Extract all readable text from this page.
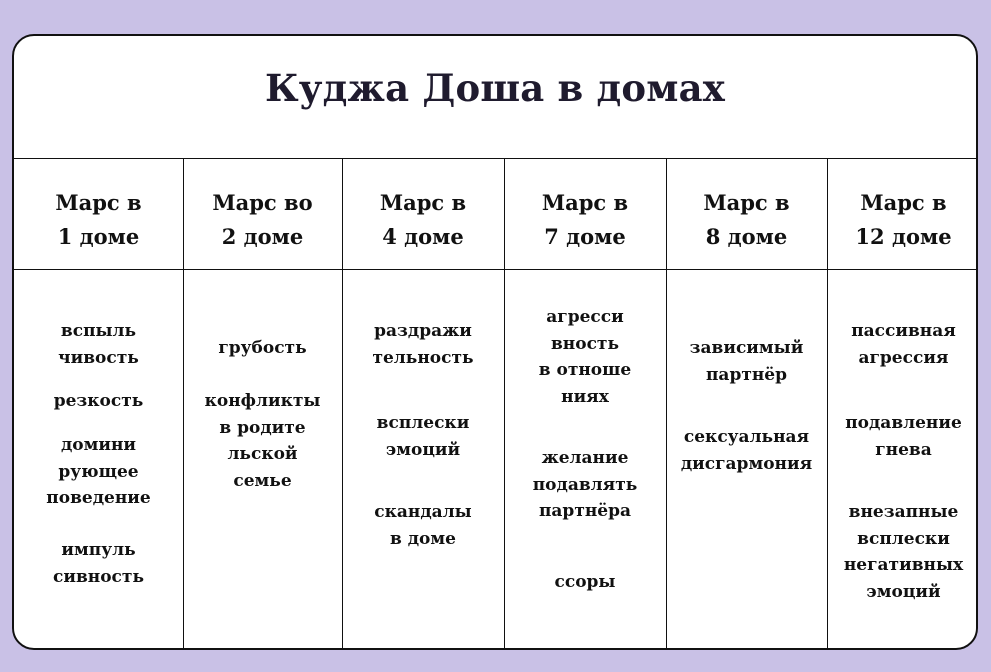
Куджа Доша в домах
Марс в
1 доме
Марс во
2 доме
Марс в
4 доме
Марс в
7 доме
Марс в
8 доме
Марс в
12 доме
вспыль
чивость
резкость
домини
рующее
поведение
импуль
сивность
грубость
конфликты
в родите
льской
семье
раздражи
тельность
всплески
эмоций
скандалы
в доме
агресси
вность
в отноше
ниях
желание
подавлять
партнёра
ссоры
зависимый
партнёр
сексуальная
дисгармония
пассивная
агрессия
подавление
гнева
внезапные
всплески
негативных
эмоций
